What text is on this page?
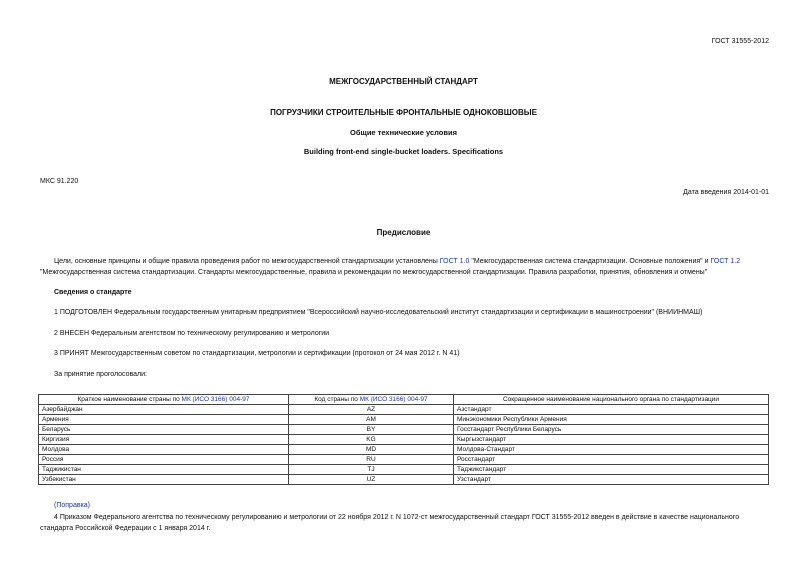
ГОСТ 31555-2012
МЕЖГОСУДАРСТВЕННЫЙ СТАНДАРТ
ПОГРУЗЧИКИ СТРОИТЕЛЬНЫЕ ФРОНТАЛЬНЫЕ ОДНОКОВШОВЫЕ
Общие технические условия
Building front-end single-bucket loaders. Specifications
МКС 91.220
Дата введения 2014-01-01
Предисловие
Цели, основные принципы и общие правила проведения работ по межгосударственной стандартизации установлены ГОСТ 1.0 "Межгосударственная система стандартизации. Основные положения" и ГОСТ 1.2 "Межгосударственная система стандартизации. Стандарты межгосударственные, правила и рекомендации по межгосударственной стандартизации. Правила разработки, принятия, обновления и отмены"
Сведения о стандарте
1 ПОДГОТОВЛЕН Федеральным государственным унитарным предприятием "Всероссийский научно-исследовательский институт стандартизации и сертификации в машиностроении" (ВНИИНМАШ)
2 ВНЕСЕН Федеральным агентством по техническому регулированию и метрологии
3 ПРИНЯТ Межгосударственным советом по стандартизации, метрологии и сертификации (протокол от 24 мая 2012 г. N 41)
За принятие проголосовали:
Краткое наименование страны по МК (ИСО 3166) 004-97	Код страны по МК (ИСО 3166) 004-97	Сокращенное наименование национального органа по стандартизации
Азербайджан	AZ	Азстандарт
Армения	AM	Минэкономики Республики Армения
Беларусь	BY	Госстандарт Республики Беларусь
Киргизия	KG	Кыргызстандарт
Молдова	MD	Молдова-Стандарт
Россия	RU	Росстандарт
Таджикистан	TJ	Таджикстандарт
Узбекистан	UZ	Узстандарт
(Поправка)
4 Приказом Федерального агентства по техническому регулированию и метрологии от 22 ноября 2012 г. N 1072-ст межгосударственный стандарт ГОСТ 31555-2012 введен в действие в качестве национального стандарта Российской Федерации с 1 января 2014 г.
